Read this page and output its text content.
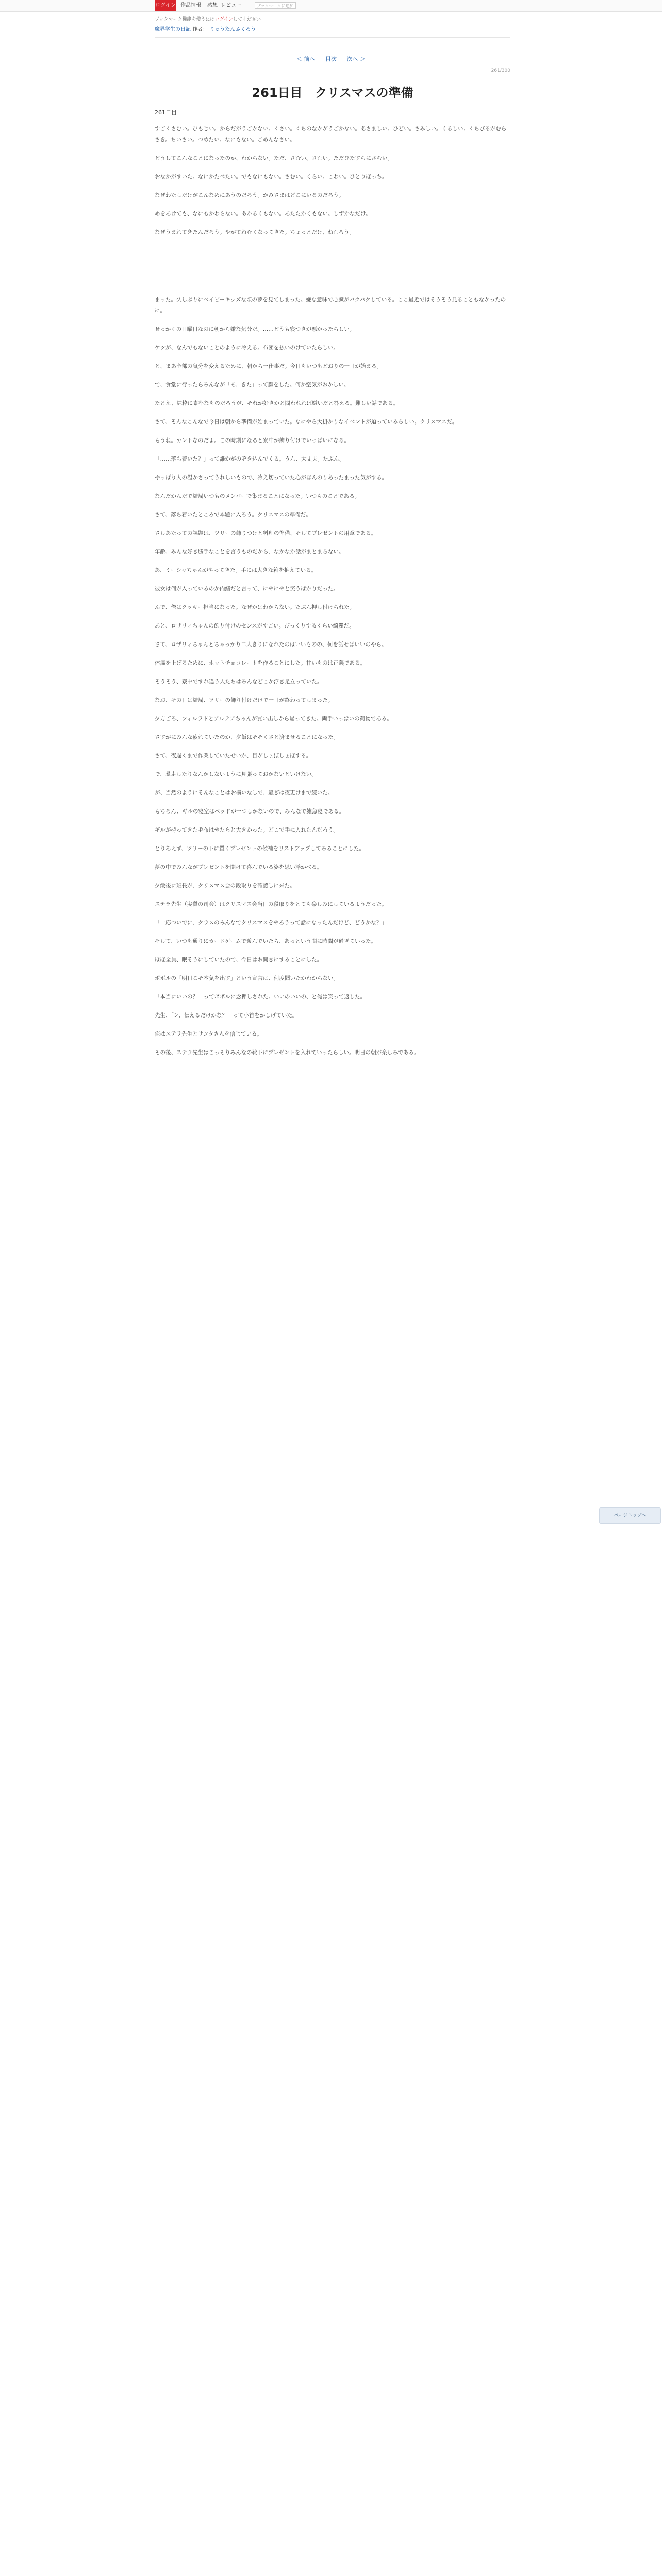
ログイン 作品情報 感想 レビュー	ブックマークに追加
ブックマーク機能を使うにはログインしてください。
魔界学生の日記 作者： りゅうたんふくろう
＜ 前へ 目次 次へ ＞
261/300
261日目　クリスマスの準備
261日目

すごくさむい。ひもじい。からだがうごかない。くさい。くちのなかがうごかない。あさましい。ひどい。さみしい。くるしい。くちびるがむらさき。ちいさい。つめたい。なにもない。ごめんなさい。

どうしてこんなことになったのか、わからない。ただ、さむい。さむい。ただひたすらにさむい。

おなかがすいた。なにかたべたい。でもなにもない。さむい。くらい。こわい。ひとりぼっち。

なぜわたしだけがこんなめにあうのだろう。かみさまはどこにいるのだろう。

めをあけても、なにもかわらない。あかるくもない。あたたかくもない。しずかなだけ。

なぜうまれてきたんだろう。やがてねむくなってきた。ちょっとだけ、ねむろう。

まった。久しぶりにベイビーキッズな頃の夢を見てしまった。嫌な意味で心臓がバクバクしている。ここ最近ではそうそう見ることもなかったのに。

せっかくの日曜日なのに朝から嫌な気分だ。……どうも寝つきが悪かったらしい。

ケツが、なんでもないことのように冷える。布団を払いのけていたらしい。

と、まあ全部の気分を変えるために、朝から一仕事だ。今日もいつもどおりの一日が始まる。

で、食堂に行ったらみんなが「あ、きた」って顔をした。何か空気がおかしい。

たとえ、純粋に素朴なものだろうが、それが好きかと問われれば嫌いだと答える。難しい話である。

さて、そんなこんなで今日は朝から準備が始まっていた。なにやら大掛かりなイベントが迫っているらしい。クリスマスだ。

もうね。カントなのだよ。この時期になると寮中が飾り付けでいっぱいになる。

「……落ち着いた？」って誰かがのぞき込んでくる。うん、大丈夫。たぶん。

やっぱり人の温かさってうれしいもので、冷え切っていた心がほんのりあったまった気がする。

なんだかんだで結局いつものメンバーで集まることになった。いつものことである。

さて、落ち着いたところで本題に入ろう。クリスマスの準備だ。

さしあたっての課題は、ツリーの飾りつけと料理の準備、そしてプレゼントの用意である。

年齢、みんな好き勝手なことを言うものだから、なかなか話がまとまらない。

あ、ミーシャちゃんがやってきた。手には大きな箱を抱えている。

彼女は何が入っているのか内緒だと言って、にやにやと笑うばかりだった。

んで、俺はクッキー担当になった。なぜかはわからない。たぶん押し付けられた。

あと、ロザリィちゃんの飾り付けのセンスがすごい。びっくりするくらい綺麗だ。

さて、ロザリィちゃんとちゃっかり二人きりになれたのはいいものの、何を話せばいいのやら。

体温を上げるために、ホットチョコレートを作ることにした。甘いものは正義である。

そうそう、寮中ですれ違う人たちはみんなどこか浮き足立っていた。

なお、その日は結局、ツリーの飾り付けだけで一日が終わってしまった。

夕方ごろ、フィルラドとアルテアちゃんが買い出しから帰ってきた。両手いっぱいの荷物である。

さすがにみんな疲れていたのか、夕飯はそそくさと済ませることになった。

さて、夜遅くまで作業していたせいか、目がしょぼしょぼする。

で、暴走したりなんかしないように見張っておかないといけない。

が、当然のようにそんなことはお構いなしで、騒ぎは夜更けまで続いた。

もちろん、ギルの寝室はベッドが一つしかないので、みんなで雑魚寝である。

ギルが持ってきた毛布はやたらと大きかった。どこで手に入れたんだろう。

とりあえず、ツリーの下に置くプレゼントの候補をリストアップしてみることにした。

夢の中でみんながプレゼントを開けて喜んでいる姿を思い浮かべる。

夕飯後に班長が、クリスマス会の段取りを確認しに来た。

ステラ先生（実質の司会）はクリスマス会当日の段取りをとても楽しみにしているようだった。

「一応ついでに、クラスのみんなでクリスマスをやろうって話になったんだけど、どうかな？」

そして、いつも通りにカードゲームで遊んでいたら、あっという間に時間が過ぎていった。

ほぼ全員、眠そうにしていたので、今日はお開きにすることにした。

ポポルの「明日こそ本気を出す」という宣言は、何度聞いたかわからない。

「本当にいいの？」ってポポルに念押しされた。いいのいいの、と俺は笑って返した。

先生、「ン、伝えるだけかな？」って小首をかしげていた。

俺はステラ先生とサンタさんを信じている。

その後、ステラ先生はこっそりみんなの靴下にプレゼントを入れていったらしい。明日の朝が楽しみである。

ページトップへ
